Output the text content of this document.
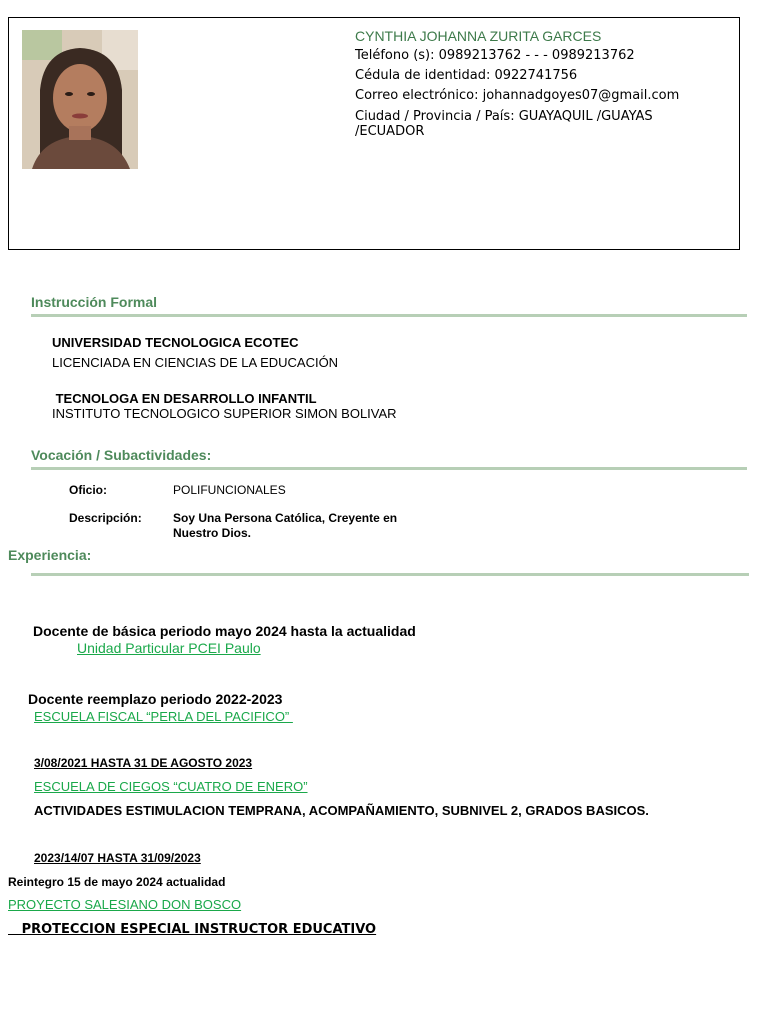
CYNTHIA JOHANNA ZURITA GARCES
Teléfono (s): 0989213762 - - - 0989213762
Cédula de identidad: 0922741756
Correo electrónico: johannadgoyes07@gmail.com
Ciudad / Provincia / País: GUAYAQUIL /GUAYAS /ECUADOR
Instrucción Formal
UNIVERSIDAD TECNOLOGICA ECOTEC
LICENCIADA EN CIENCIAS DE LA EDUCACIÓN
TECNOLOGA EN DESARROLLO INFANTIL
INSTITUTO TECNOLOGICO SUPERIOR SIMON BOLIVAR
Vocación / Subactividades:
Oficio:	POLIFUNCIONALES
Descripción:	Soy Una Persona Católica, Creyente en Nuestro Dios.
Experiencia:
Docente de básica periodo mayo 2024 hasta la actualidad
Unidad Particular PCEI Paulo
Docente reemplazo periodo 2022-2023
ESCUELA FISCAL “PERLA DEL PACIFICO”
3/08/2021 HASTA 31 DE AGOSTO 2023
ESCUELA DE CIEGOS “CUATRO DE ENERO”
ACTIVIDADES ESTIMULACION TEMPRANA, ACOMPAÑAMIENTO, SUBNIVEL 2, GRADOS BASICOS.
2023/14/07 HASTA 31/09/2023
Reintegro 15 de mayo 2024 actualidad
PROYECTO SALESIANO DON BOSCO
PROTECCION ESPECIAL INSTRUCTOR EDUCATIVO
